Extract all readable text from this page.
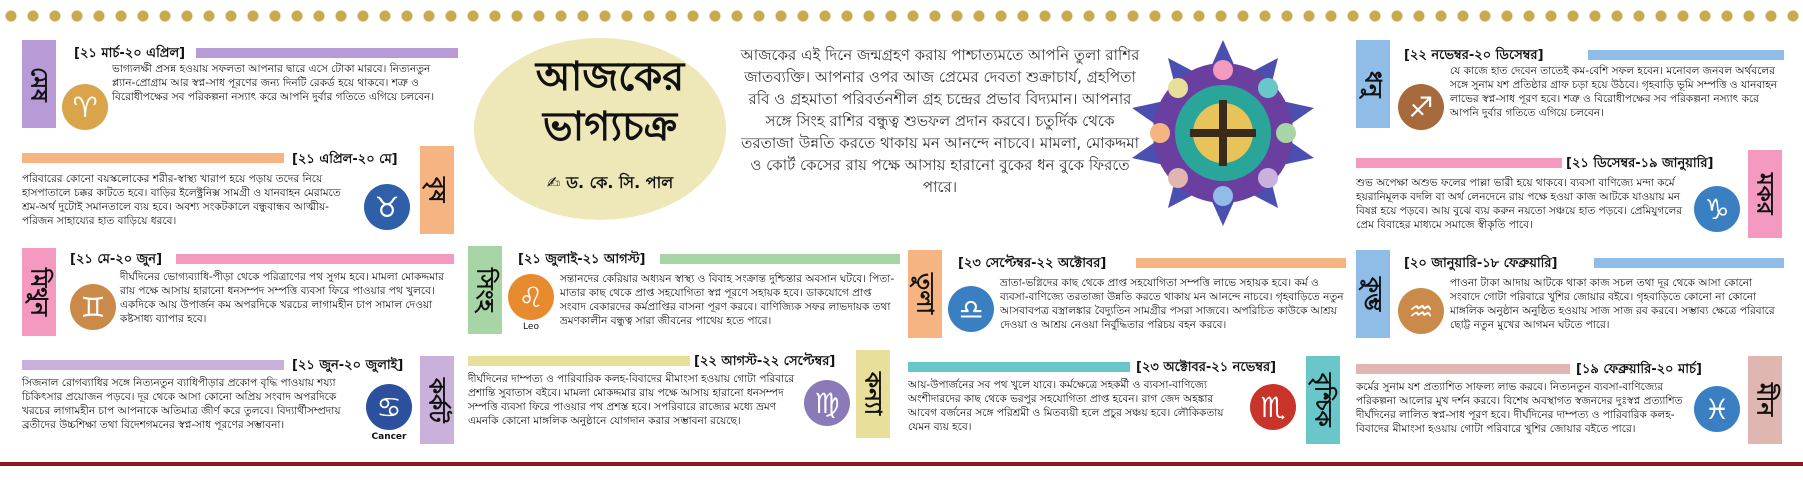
মেষ
[২১ মার্চ-২০ এপ্রিল]
♈
ভাগ্যলক্ষী প্রসন্ন হওয়ায় সফলতা আপনার দ্বারে এসে টোকা মারবে। নিত্যনতুন প্ল্যান-প্রোগ্রাম আর স্বপ্ন-সাধ পূরণের জন্য দিনটি রেকর্ড হয়ে থাকবে। শত্রু ও বিরোধীপক্ষের সব পরিকল্পনা নস্যাৎ করে আপনি দুর্বার গতিতে এগিয়ে চলবেন।
[২১ এপ্রিল-২০ মে]
বৃষ
পরিবারের কোনো বয়স্কলোকের শরীর-স্বাস্থ্য খারাপ হয়ে পড়ায় তদের নিয়ে হাসপাতালে চক্কর কাটতে হবে। বাড়ির ইলেক্ট্রনিক্স সামগ্রী ও যানবাহন মেরামতে শ্রম-অর্থ দুটোই সমানতালে ব্যয় হবে। অবশ্য সংকটকালে বন্ধুবান্ধব আত্মীয়-পরিজন সাহায্যের হাত বাড়িয়ে ধরবে।	♉
মিথুন
[২১ মে-২০ জুন]
♊
দীর্ঘদিনের ভোগ্যব্যাধি-পীড়া থেকে পরিত্রাণের পথ সুগম হবে। মামলা মোকদ্দমার রায় পক্ষে আসায় হারানো ধনসম্পদ সম্পত্তি ব্যবসা ফিরে পাওয়ার পথ খুলবে। একদিকে আয় উপার্জন কম অপরদিকে খরচের লাগামহীন চাপ সামাল দেওয়া কষ্টসাধ্য ব্যাপার হবে।
[২১ জুন-২০ জুলাই]
কর্কট
সিজনাল রোগব্যাধির সঙ্গে নিত্যনতুন ব্যাধিপীড়ার প্রকোপ বৃদ্ধি পাওয়ায় শয্যা চিকিৎসার প্রয়োজন পড়বে। দূর থেকে আসা কোনো অপ্রিয় সংবাদ অপরদিকে খরচের লাগামহীন চাপ আপনাকে অতিমাত্র জীর্ণ করে তুলবে। বিদ্যার্থীসম্প্রদায় ব্রতীদের উচ্চশিক্ষা তথা বিদেশগমনের স্বপ্ন-সাধ পূরণের সম্ভাবনা।
♋
Cancer
আজকের ভাগ্যচক্র
✍ ড. কে. সি. পাল
আজকের এই দিনে জন্মগ্রহণ করায় পাশ্চাত্যমতে আপনি তুলা রাশির জাতব্যক্তি। আপনার ওপর আজ প্রেমের দেবতা শুক্রাচার্য, গ্রহপিতা রবি ও গ্রহমাতা পরিবর্তনশীল গ্রহ চন্দ্রের প্রভাব বিদ্যমান। আপনার সঙ্গে সিংহ রাশির বন্ধুত্ব শুভফল প্রদান করবে। চতুর্দিক থেকে তরতাজা উন্নতি করতে থাকায় মন আনন্দে নাচবে। মামলা, মোকদ্দমা ও কোর্ট কেসের রায় পক্ষে আসায় হারানো বুকের ধন বুকে ফিরতে পারে।
সিংহ
[২১ জুলাই-২১ আগস্ট]
♌
Leo
সন্তানদের কেরিয়ার অধ্যয়ন স্বাস্থ্য ও বিবাহ সংক্রান্ত দুশ্চিন্তার অবসান ঘটবে। পিতা-মাতার কাছ থেকে প্রাপ্ত সহযোগিতা স্বপ্ন পূরণে সহায়ক হবে। ডাকযোগে প্রাপ্ত সংবাদ বেকারদের কর্মপ্রাপ্তির বাসনা পূরণ করবে। বাণিজ্যিক সফর লাভদায়ক তথা ভ্রমণকালীন বন্ধুত্ব সারা জীবনের পাথেয় হতে পারে।
[২২ আগস্ট-২২ সেপ্টেম্বর]
কন্যা
দীর্ঘদিনের দাম্পত্য ও পারিবারিক কলহ-বিবাদের মীমাংসা হওয়ায় গোটা পরিবারে প্রশান্তি সুবাতাস বইবে। মামলা মোকদ্দমার রায় পক্ষে আসায় হারানো ধনসম্পদ সম্পত্তি ব্যবসা ফিরে পাওয়ার পথ প্রশস্ত হবে। সপরিবারে রাজ্যের মধ্যে ভ্রমণ এমনকি কোনো মাঙ্গলিক অনুষ্ঠানে যোগদান করার সম্ভাবনা রয়েছে।
♍
তুলা
[২৩ সেপ্টেম্বর-২২ অক্টোবর]
♎
ভ্রাতা-ভগ্নিদের কাছ থেকে প্রাপ্ত সহযোগিতা সম্পত্তি লাভে সহায়ক হবে। কর্ম ও ব্যবসা-বাণিজ্যে তরতাজা উন্নতি করতে থাকায় মন আনন্দে নাচবে। গৃহবাড়িতে নতুন আসবাবপত্র বস্ত্রালঙ্কার বৈদ্যুতিন সামগ্রীর পসরা সাজবে। অপরিচিত কাউকে আশ্রয় দেওয়া ও আশ্রয় নেওয়া নির্বুদ্ধিতার পরিচয় বহন করবে।
[২৩ অক্টোবর-২১ নভেম্বর]
বৃশ্চিক
আয়-উপার্জনের সব পথ খুলে যাবে। কর্মক্ষেত্রে সহকর্মী ও ব্যবসা-বাণিজ্যে অংশীদারদের কাছ থেকে ভরপুর সহযোগিতা প্রাপ্ত হবেন। রাগ জেদ অহঙ্কার আবেগ বর্জনের সঙ্গে পরিশ্রমী ও মিতব্যয়ী হলে প্রচুর সঞ্চয় হবে। লৌকিকতায় যেমন ব্যয় হবে।
♏
ধনু
[২২ নভেম্বর-২০ ডিসেম্বর]
♐
যে কাজে হাত দেবেন তাতেই কম-বেশি সফল হবেন। মনোবল জনবল অর্থবলের সঙ্গে সুনাম যশ প্রতিষ্ঠার গ্রাফ চড়া হয়ে উঠবে। গৃহবাড়ি ভূমি সম্পত্তি ও যানবাহন লাভের স্বপ্ন-সাধ পূরণ হবে। শত্রু ও বিরোধীপক্ষের সব পরিকল্পনা নস্যাৎ করে আপনি দুর্বার গতিতে এগিয়ে চলবেন।
[২১ ডিসেম্বর-১৯ জানুয়ারি]
মকর
শুভ অপেক্ষা অশুভ ফলের পাল্লা ভারী হয়ে থাকবে। ব্যবসা বাণিজ্যে মন্দা কর্মে হয়রানিমূলক বদলি বা অর্থ লেনদেনে রায় পক্ষে হওয়া কাজ আটকে যাওয়ায় মন বিষণ্ণ হয়ে পড়বে। আয় বুঝে ব্যয় করুন নয়তো সঞ্চয়ে হাত পড়বে। প্রেমিযুগলের প্রেম বিবাহের মাধ্যমে সমাজে স্বীকৃতি পাবে।	♑
কুম্ভ
[২০ জানুয়ারি-১৮ ফেব্রুয়ারি]
♒
পাওনা টাকা আদায় আটকে থাকা কাজ সচল তথা দূর থেকে আসা কোনো সংবাদে গোটা পরিবারে খুশির জোয়ার বইবে। গৃহবাড়িতে কোনো না কোনো মাঙ্গলিক অনুষ্ঠান অনুষ্ঠিত হওয়ায় সাজ সাজ রব করবে। সম্ভাব্য ক্ষেত্রে পরিবারে ছোট্ট নতুন মুখের আগমন ঘটতে পারে।
[১৯ ফেব্রুয়ারি-২০ মার্চ]
মীন
কর্মের সুনাম যশ প্রত্যাশিত সাফল্য লাভ করবে। নিত্যনতুন ব্যবসা-বাণিজ্যের পরিকল্পনা আলোর মুখ দর্শন করবে। বিশেষ অবস্থাগত স্বজনদের দুঃস্বপ্ন প্রত্যাশিত দীর্ঘদিনের লালিত স্বপ্ন-সাধ পূরণ হবে। দীর্ঘদিনের দাম্পত্য ও পারিবারিক কলহ-বিবাদের মীমাংসা হওয়ায় গোটা পরিবারে খুশির জোয়ার বইতে পারে।
♓
